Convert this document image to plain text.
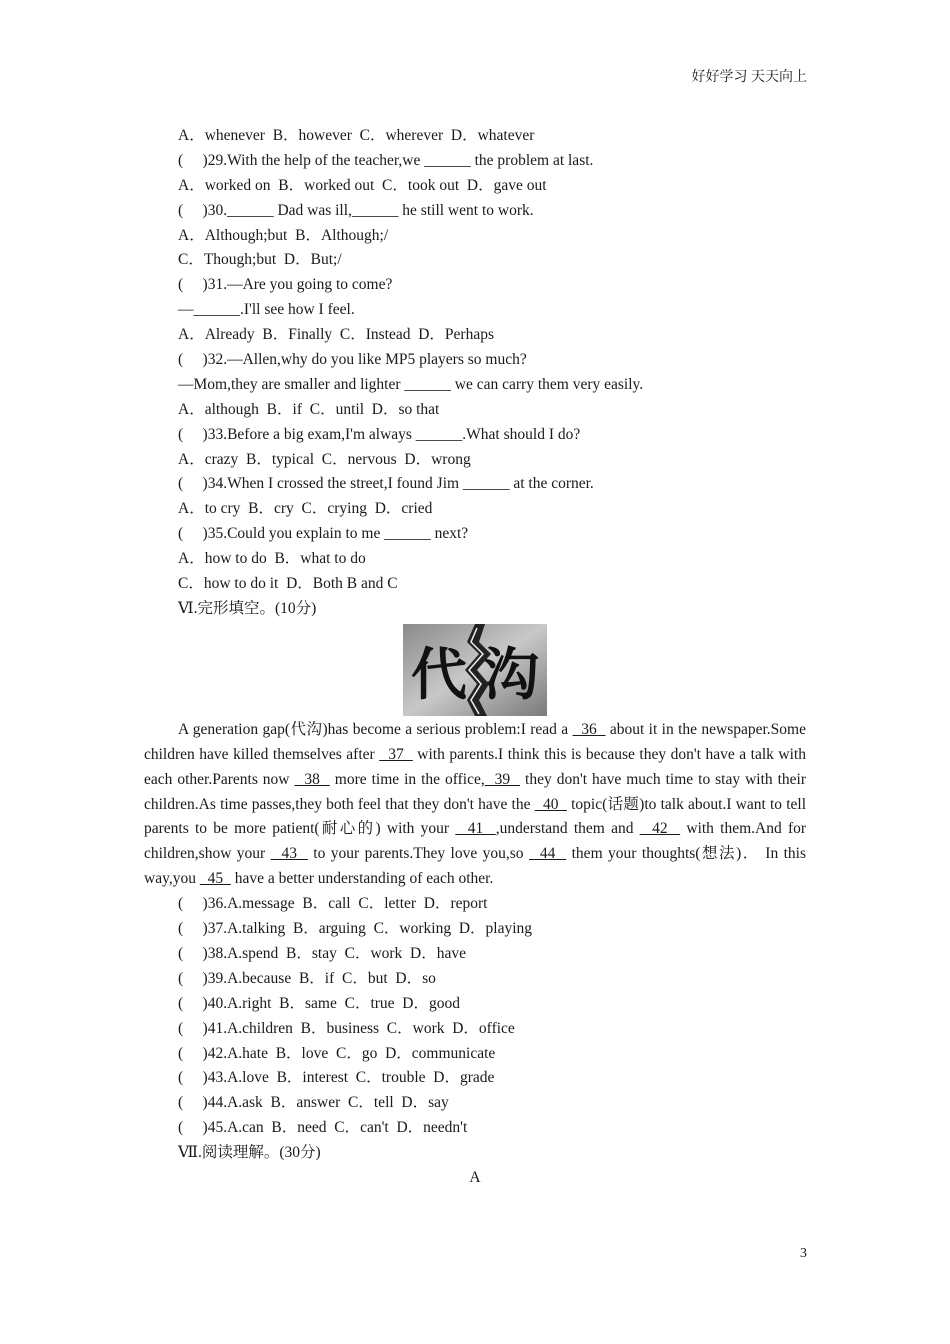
好好学习 天天向上
A．whenever  B．however  C．wherever  D．whatever
(　 )29.With the help of the teacher,we ______ the problem at last.
A．worked on  B．worked out  C．took out  D．gave out
(　 )30.______ Dad was ill,______ he still went to work.
A．Although;but  B．Although;/
C．Though;but  D．But;/
(　 )31.—Are you going to come?
—______.I'll see how I feel.
A．Already  B．Finally  C．Instead  D．Perhaps
(　 )32.—Allen,why do you like MP5 players so much?
—Mom,they are smaller and lighter ______ we can carry them very easily.
A．although  B．if  C．until  D．so that
(　 )33.Before a big exam,I'm always ______.What should I do?
A．crazy  B．typical  C．nervous  D．wrong
(　 )34.When I crossed the street,I found Jim ______ at the corner.
A．to cry  B．cry  C．crying  D．cried
(　 )35.Could you explain to me ______ next?
A．how to do  B．what to do
C．how to do it  D．Both B and C
Ⅵ.完形填空。(10分)
代 沟
A generation gap(代沟)has become a serious problem:I read a   36   about it in the newspaper.Some children have killed themselves after   37   with parents.I think this is because they don't have a talk with each other.Parents now   38   more time in the office,  39   they don't have much time to stay with their children.As time passes,they both feel that they don't have the   40   topic(话题)to talk about.I want to tell parents to be more patient(耐心的) with your   41  ,understand them and   42   with them.And for children,show your   43   to your parents.They love you,so   44   them your thoughts(想法)． In this way,you   45   have a better understanding of each other.
(　 )36.A.message  B．call  C．letter  D．report
(　 )37.A.talking  B．arguing  C．working  D．playing
(　 )38.A.spend  B．stay  C．work  D．have
(　 )39.A.because  B．if  C．but  D．so
(　 )40.A.right  B．same  C．true  D．good
(　 )41.A.children  B．business  C．work  D．office
(　 )42.A.hate  B．love  C．go  D．communicate
(　 )43.A.love  B．interest  C．trouble  D．grade
(　 )44.A.ask  B．answer  C．tell  D．say
(　 )45.A.can  B．need  C．can't  D．needn't
Ⅶ.阅读理解。(30分)
A
3
